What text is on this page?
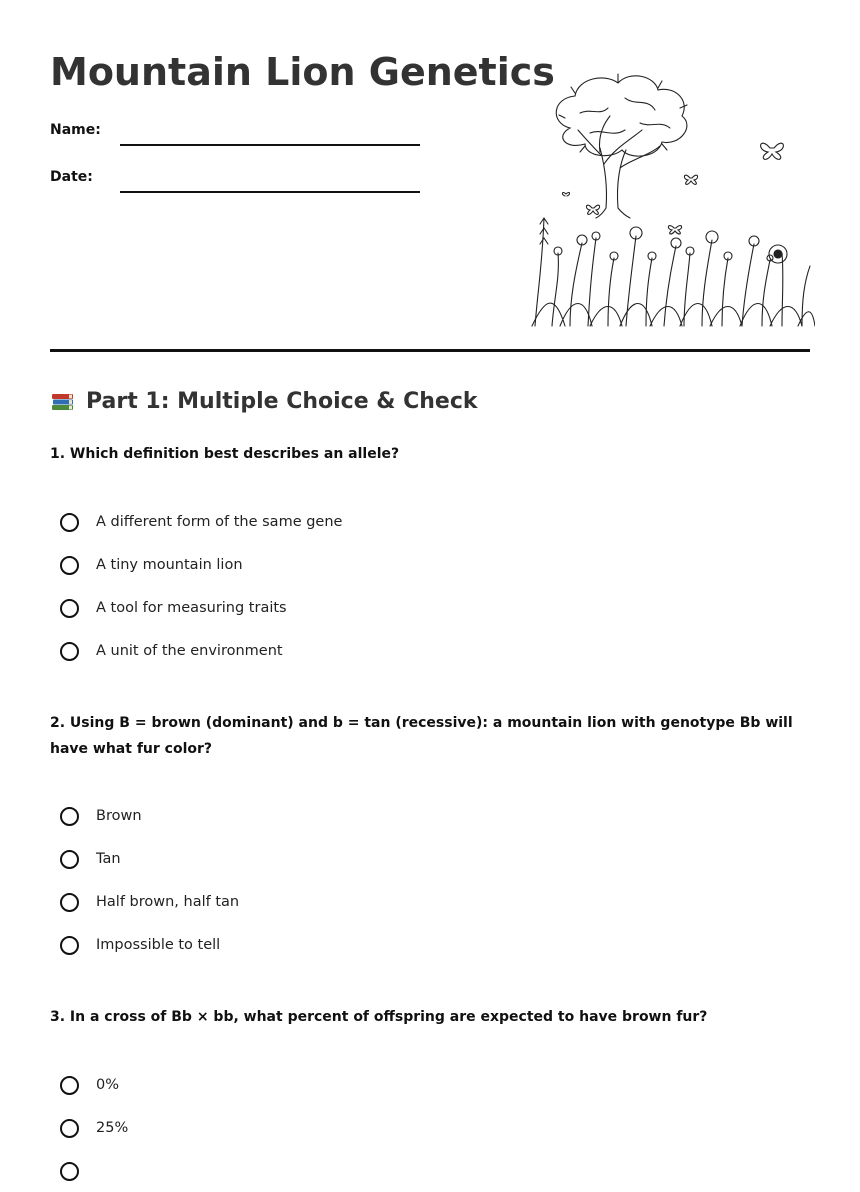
Mountain Lion Genetics
Name:
Date:
Part 1: Multiple Choice & Check

1. Which definition best describes an allele?

A different form of the same gene
A tiny mountain lion
A tool for measuring traits
A unit of the environment

2. Using B = brown (dominant) and b = tan (recessive): a mountain lion with genotype Bb will have what fur color?

Brown
Tan
Half brown, half tan
Impossible to tell

3. In a cross of Bb × bb, what percent of offspring are expected to have brown fur?

0%
25%
